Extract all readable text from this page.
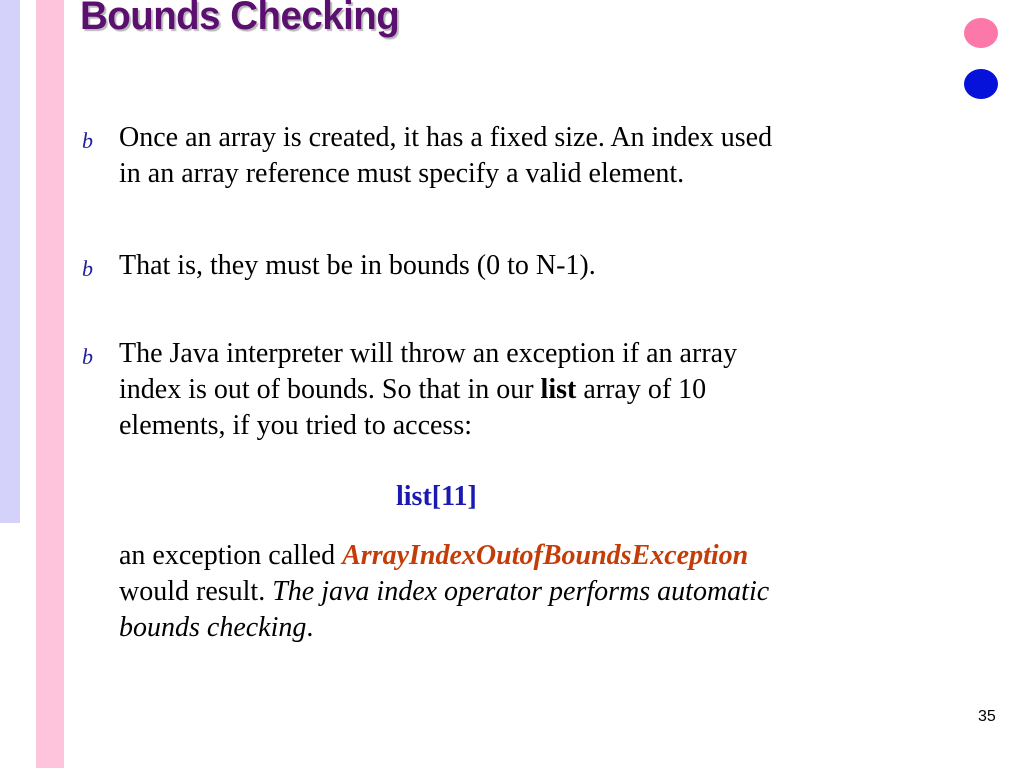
Bounds Checking
b Once an array is created, it has a fixed size. An index used
in an array reference must specify a valid element.

b That is, they must be in bounds (0 to N-1).

b The Java interpreter will throw an exception if an array
index is out of bounds. So that in our list array of 10
elements, if you tried to access:

list[11]

an exception called ArrayIndexOutofBoundsException
would result. The java index operator performs automatic
bounds checking.

35
